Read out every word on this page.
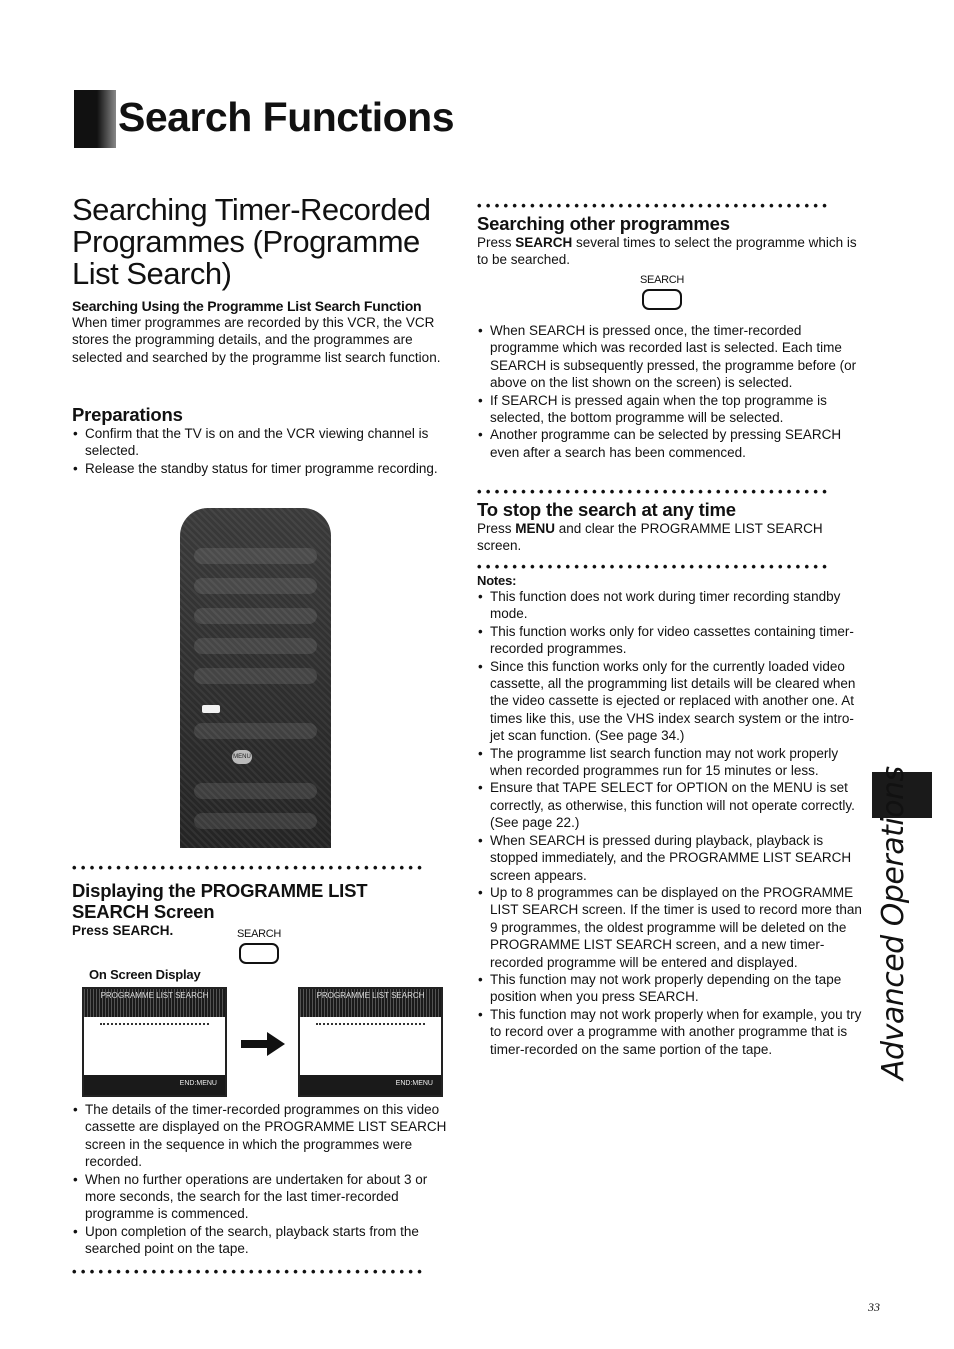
Search Functions
Searching Timer-Recorded Programmes (Programme List Search)
Searching Using the Programme List Search Function
When timer programmes are recorded by this VCR, the VCR stores the programming details, and the programmes are selected and searched by the programme list search function.
Preparations
• Confirm that the TV is on and the VCR viewing channel is selected.
• Release the standby status for timer programme recording.
MENU
••••••••••••••••••••••••••••••••••••••••
Displaying the PROGRAMME LIST SEARCH Screen
Press SEARCH.	SEARCH
On Screen Display
PROGRAMME LIST SEARCH
END:MENU
PROGRAMME LIST SEARCH
END:MENU
• The details of the timer-recorded programmes on this video cassette are displayed on the PROGRAMME LIST SEARCH screen in the sequence in which the programmes were recorded.
• When no further operations are undertaken for about 3 or more seconds, the search for the last timer-recorded programme is commenced.
• Upon completion of the search, playback starts from the searched point on the tape.
••••••••••••••••••••••••••••••••••••••••
••••••••••••••••••••••••••••••••••••••••
Searching other programmes
Press SEARCH several times to select the programme which is to be searched.
SEARCH
• When SEARCH is pressed once, the timer-recorded programme which was recorded last is selected. Each time SEARCH is subsequently pressed, the programme before (or above on the list shown on the screen) is selected.
• If SEARCH is pressed again when the top programme is selected, the bottom programme will be selected.
• Another programme can be selected by pressing SEARCH even after a search has been commenced.
••••••••••••••••••••••••••••••••••••••••
To stop the search at any time
Press MENU and clear the PROGRAMME LIST SEARCH screen.
••••••••••••••••••••••••••••••••••••••••
Notes:
• This function does not work during timer recording standby mode.
• This function works only for video cassettes containing timer-recorded programmes.
• Since this function works only for the currently loaded video cassette, all the programming list details will be cleared when the video cassette is ejected or replaced with another one. At times like this, use the VHS index search system or the intro-jet scan function. (See page 34.)
• The programme list search function may not work properly when recorded programmes run for 15 minutes or less.
• Ensure that TAPE SELECT for OPTION on the MENU is set correctly, as otherwise, this function will not operate correctly. (See page 22.)
• When SEARCH is pressed during playback, playback is stopped immediately, and the PROGRAMME LIST SEARCH screen appears.
• Up to 8 programmes can be displayed on the PROGRAMME LIST SEARCH screen. If the timer is used to record more than 9 programmes, the oldest programme will be deleted on the PROGRAMME LIST SEARCH screen, and a new timer-recorded programme will be entered and displayed.
• This function may not work properly depending on the tape position when you press SEARCH.
• This function may not work properly when for example, you try to record over a programme with another programme that is timer-recorded on the same portion of the tape.	Advanced Operations
33
